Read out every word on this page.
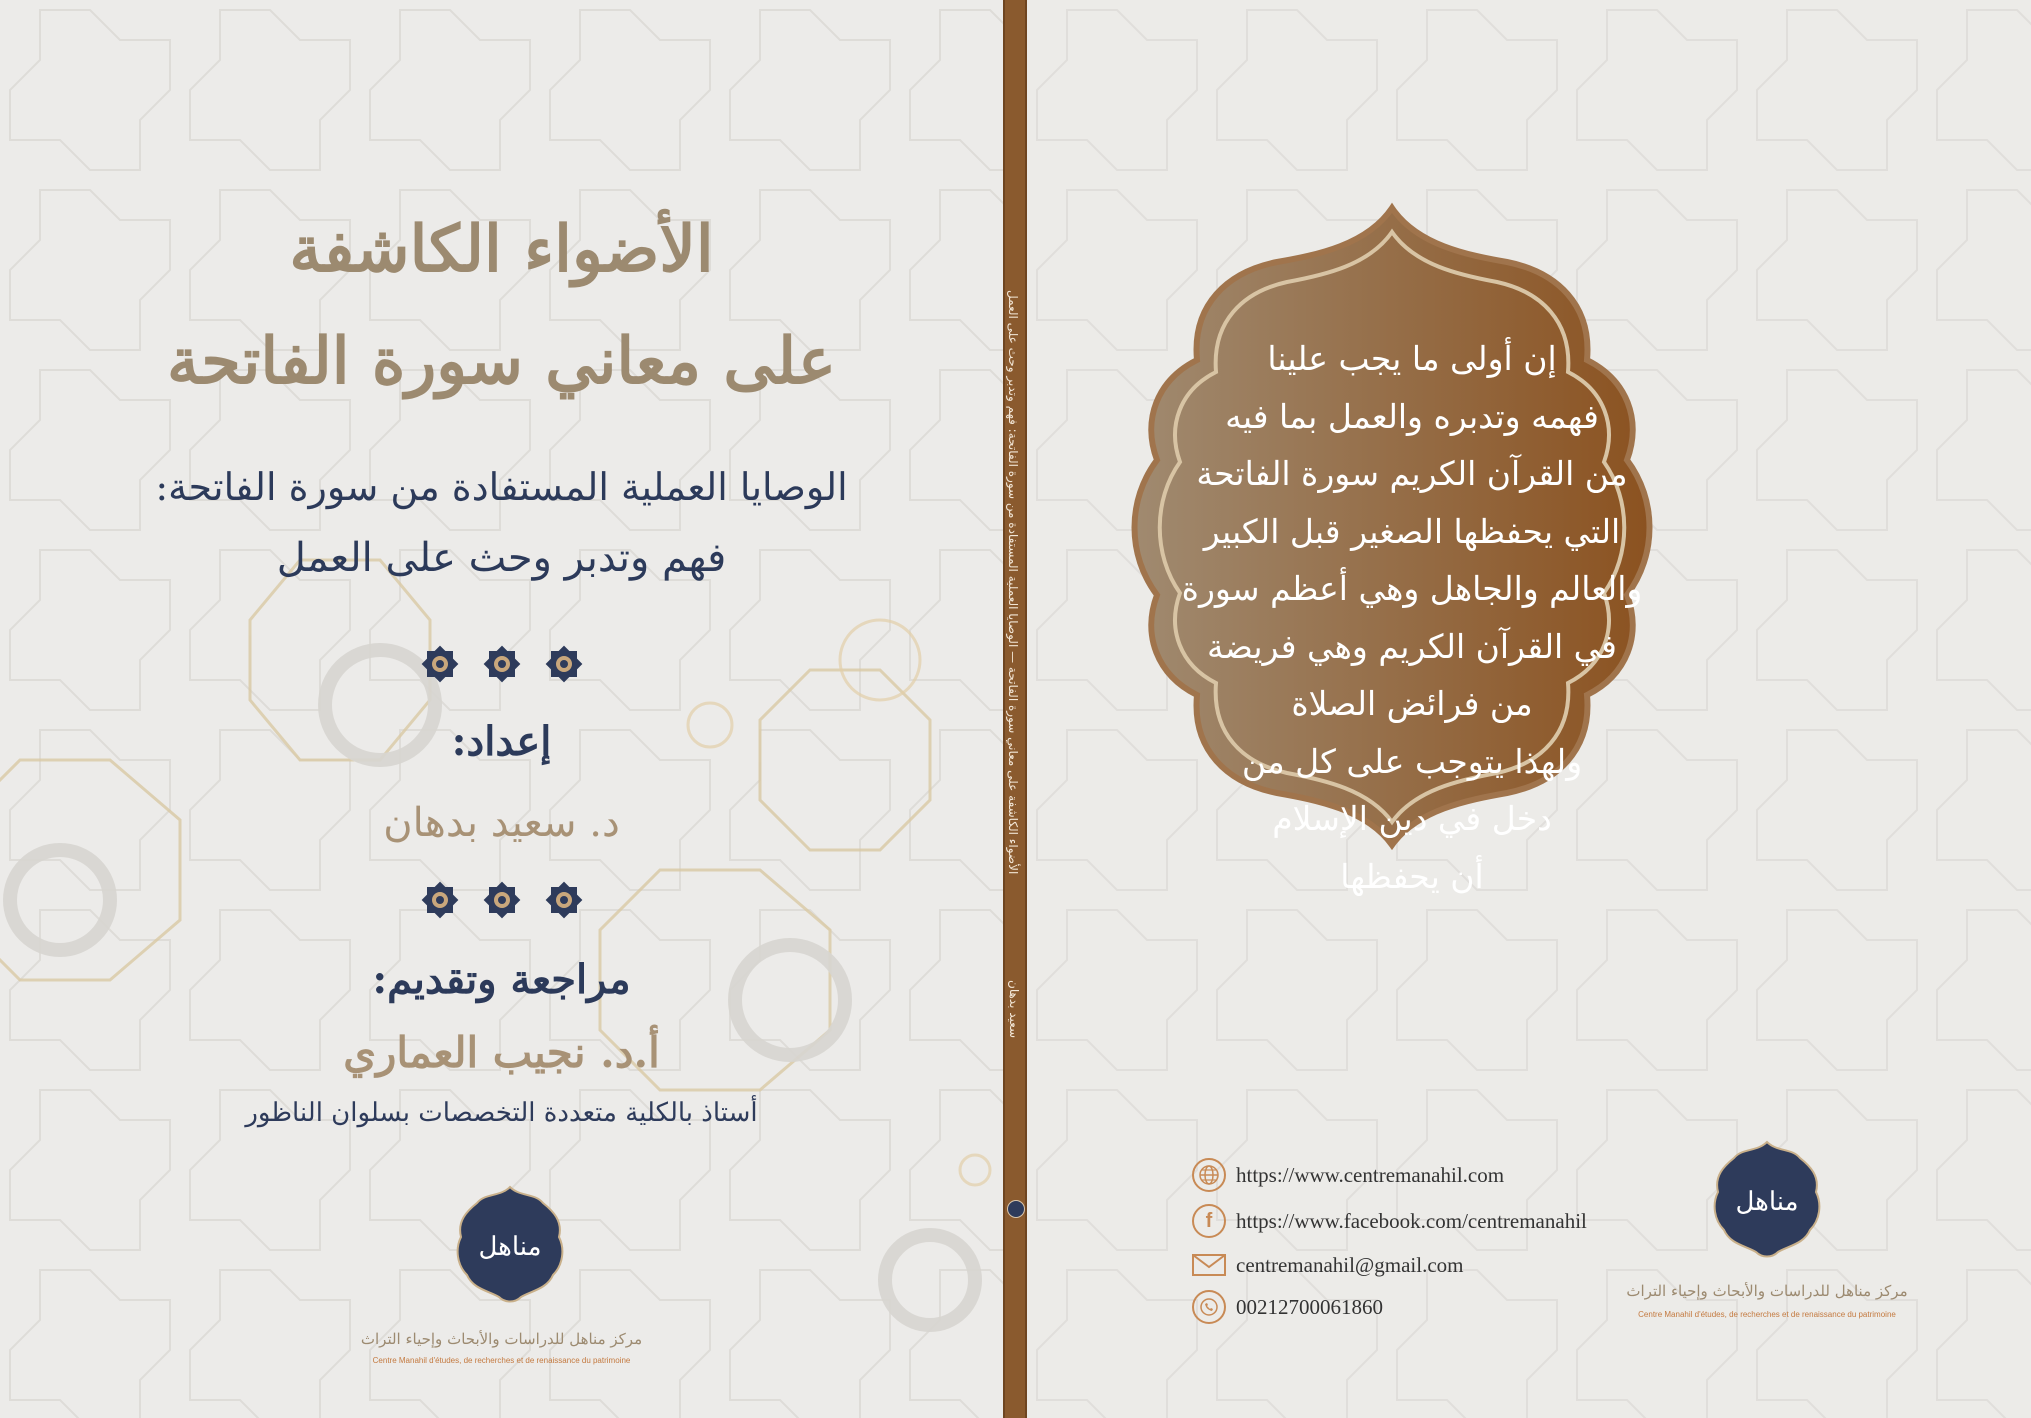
الأضواء الكاشفة
على معاني سورة الفاتحة
الوصايا العملية المستفادة من سورة الفاتحة:
فهم وتدبر وحث على العمل
إعداد:
د. سعيد بدهان
مراجعة وتقديم:
أ.د. نجيب العماري
أستاذ بالكلية متعددة التخصصات بسلوان الناظور
مناهل
مركز مناهل للدراسات والأبحاث وإحياء التراث
Centre Manahil d'études, de recherches et de renaissance du patrimoine
الأضواء الكاشفة على معاني سورة الفاتحة — الوصايا العملية المستفادة من سورة الفاتحة: فهم وتدبر وحث على العمل
سعيد بدهان
إن أولى ما يجب علينا
فهمه وتدبره والعمل بما فيه
من القرآن الكريم سورة الفاتحة
التي يحفظها الصغير قبل الكبير
والعالم والجاهل وهي أعظم سورة
في القرآن الكريم وهي فريضة
من فرائض الصلاة
ولهذا يتوجب على كل من
دخل في دين الإسلام
أن يحفظها
https://www.centremanahil.com
f https://www.facebook.com/centremanahil
centremanahil@gmail.com
00212700061860
مناهل
مركز مناهل للدراسات والأبحاث وإحياء التراث
Centre Manahil d'études, de recherches et de renaissance du patrimoine
